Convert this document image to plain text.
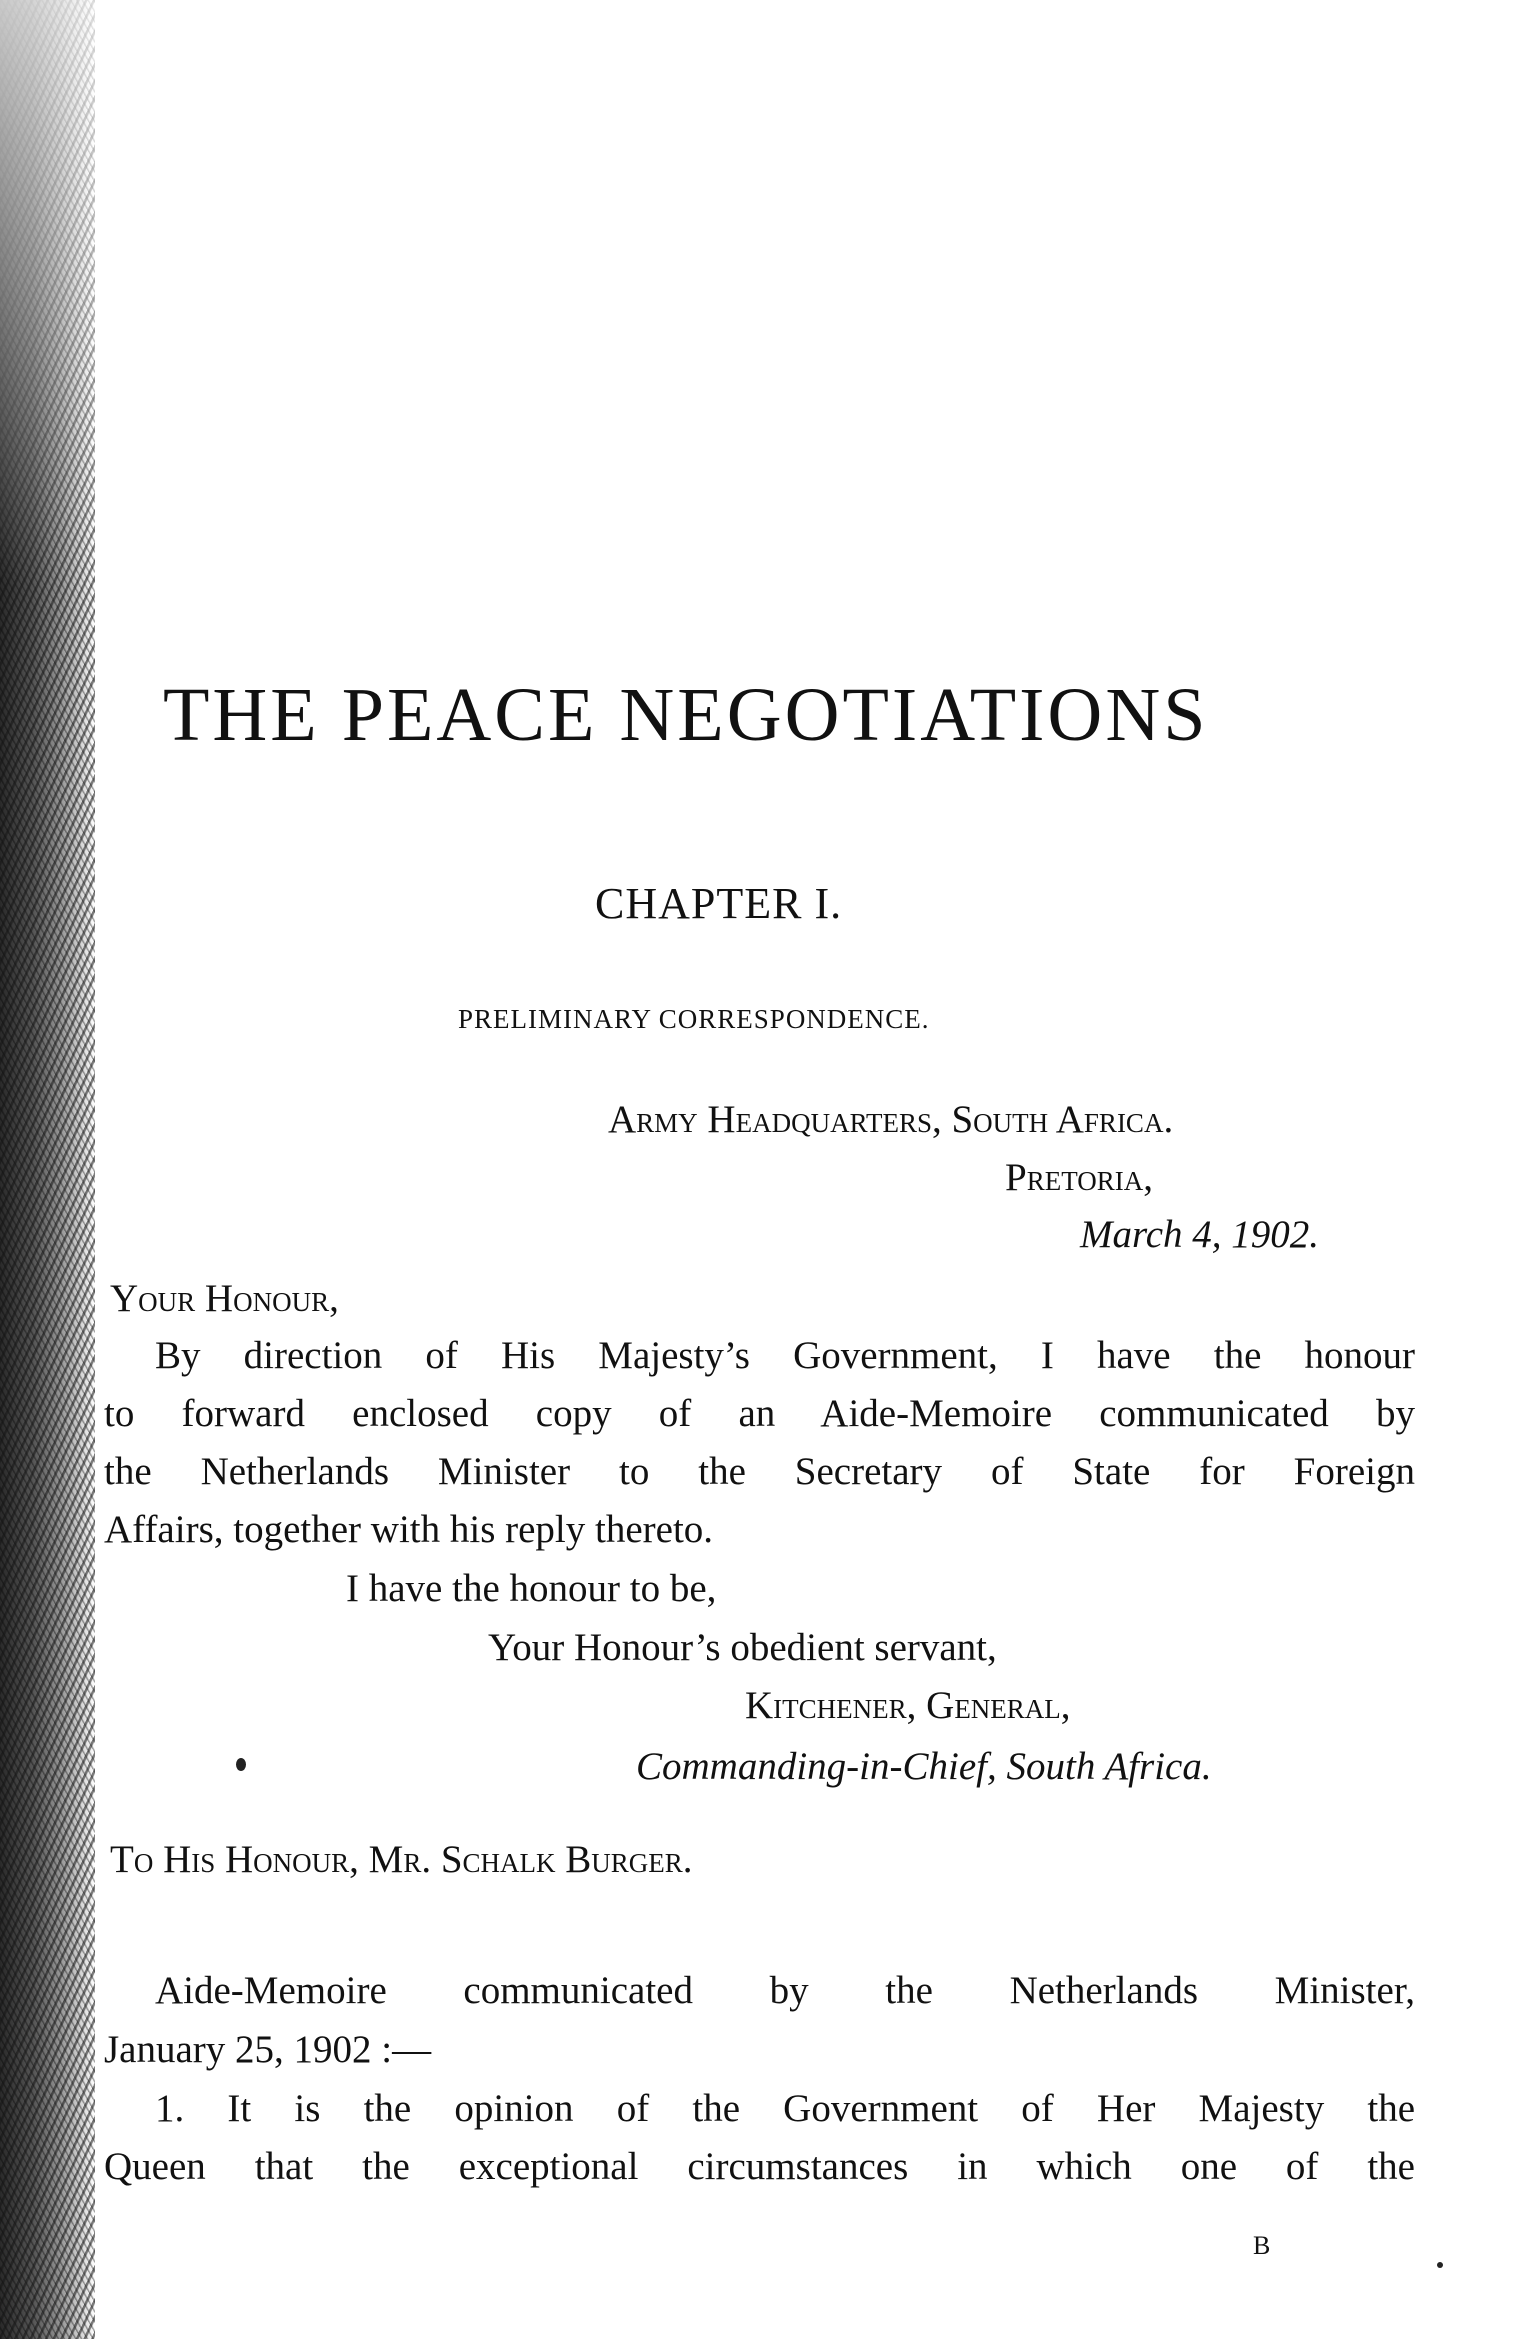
THE PEACE NEGOTIATIONS
CHAPTER I.
PRELIMINARY CORRESPONDENCE.
Army Headquarters, South Africa.
Pretoria,
March 4, 1902.
Your Honour,
By direction of His Majesty’s Government, I have the honour
to forward enclosed copy of an Aide-Memoire communicated by
the Netherlands Minister to the Secretary of State for Foreign
Affairs, together with his reply thereto.
I have the honour to be,
Your Honour’s obedient servant,
Kitchener, General,
Commanding-in-Chief, South Africa.
To His Honour, Mr. Schalk Burger.
Aide-Memoire communicated by the Netherlands Minister,
January 25, 1902 :—
1. It is the opinion of the Government of Her Majesty the
Queen that the exceptional circumstances in which one of the
B
